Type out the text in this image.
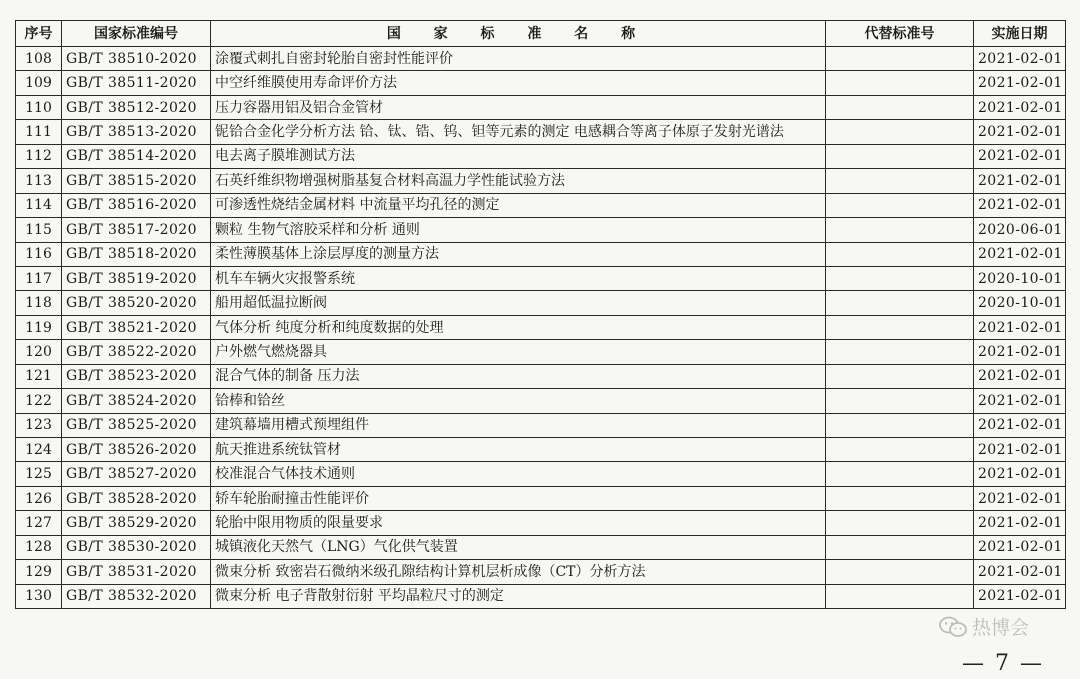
序号	国家标准编号	国 家 标 准 名 称	代替标准号	实施日期
108	GB/T 38510-2020	涂覆式刺扎自密封轮胎自密封性能评价		2021-02-01
109	GB/T 38511-2020	中空纤维膜使用寿命评价方法		2021-02-01
110	GB/T 38512-2020	压力容器用铝及铝合金管材		2021-02-01
111	GB/T 38513-2020	铌铪合金化学分析方法 铪、钛、锆、钨、钽等元素的测定 电感耦合等离子体原子发射光谱法		2021-02-01
112	GB/T 38514-2020	电去离子膜堆测试方法		2021-02-01
113	GB/T 38515-2020	石英纤维织物增强树脂基复合材料高温力学性能试验方法		2021-02-01
114	GB/T 38516-2020	可渗透性烧结金属材料 中流量平均孔径的测定		2021-02-01
115	GB/T 38517-2020	颗粒 生物气溶胶采样和分析 通则		2020-06-01
116	GB/T 38518-2020	柔性薄膜基体上涂层厚度的测量方法		2021-02-01
117	GB/T 38519-2020	机车车辆火灾报警系统		2020-10-01
118	GB/T 38520-2020	船用超低温拉断阀		2020-10-01
119	GB/T 38521-2020	气体分析 纯度分析和纯度数据的处理		2021-02-01
120	GB/T 38522-2020	户外燃气燃烧器具		2021-02-01
121	GB/T 38523-2020	混合气体的制备 压力法		2021-02-01
122	GB/T 38524-2020	铪棒和铪丝		2021-02-01
123	GB/T 38525-2020	建筑幕墙用槽式预埋组件		2021-02-01
124	GB/T 38526-2020	航天推进系统钛管材		2021-02-01
125	GB/T 38527-2020	校准混合气体技术通则		2021-02-01
126	GB/T 38528-2020	轿车轮胎耐撞击性能评价		2021-02-01
127	GB/T 38529-2020	轮胎中限用物质的限量要求		2021-02-01
128	GB/T 38530-2020	城镇液化天然气（LNG）气化供气装置		2021-02-01
129	GB/T 38531-2020	微束分析 致密岩石微纳米级孔隙结构计算机层析成像（CT）分析方法		2021-02-01
130	GB/T 38532-2020	微束分析 电子背散射衍射 平均晶粒尺寸的测定		2021-02-01
热博会
— 7 —
